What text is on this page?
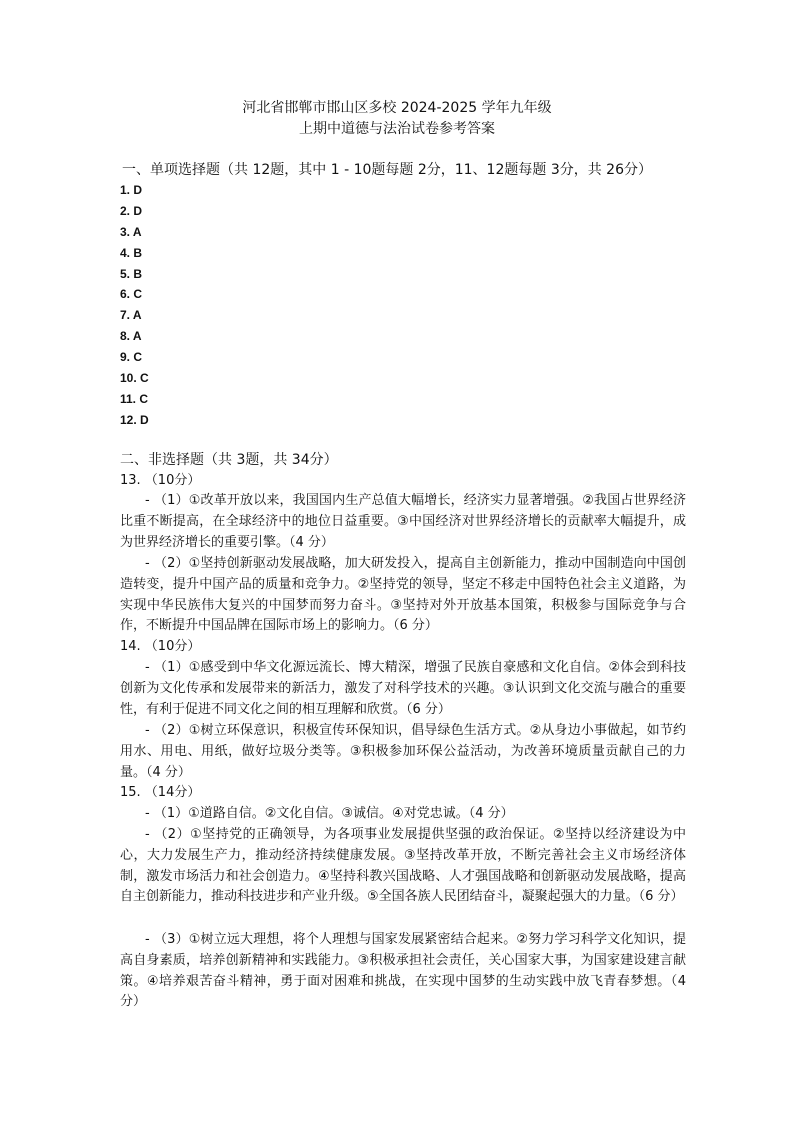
河北省邯郸市邯山区多校 2024-2025 学年九年级
上期中道德与法治试卷参考答案
一、单项选择题（共 12题，其中 1 - 10题每题 2分，11、12题每题 3分，共 26分）
1. D
2. D
3. A
4. B
5. B
6. C
7. A
8. A
9. C
10. C
11. C
12. D
二、非选择题（共 3题，共 34分）
13. （10分）
- （1）①改革开放以来，我国国内生产总值大幅增长，经济实力显著增强。②我国占世界经济比重不断提高，在全球经济中的地位日益重要。③中国经济对世界经济增长的贡献率大幅提升，成为世界经济增长的重要引擎。（4 分）
- （2）①坚持创新驱动发展战略，加大研发投入，提高自主创新能力，推动中国制造向中国创造转变，提升中国产品的质量和竞争力。②坚持党的领导，坚定不移走中国特色社会主义道路，为实现中华民族伟大复兴的中国梦而努力奋斗。③坚持对外开放基本国策，积极参与国际竞争与合作，不断提升中国品牌在国际市场上的影响力。（6 分）
14. （10分）
- （1）①感受到中华文化源远流长、博大精深，增强了民族自豪感和文化自信。②体会到科技创新为文化传承和发展带来的新活力，激发了对科学技术的兴趣。③认识到文化交流与融合的重要性，有利于促进不同文化之间的相互理解和欣赏。（6 分）
- （2）①树立环保意识，积极宣传环保知识，倡导绿色生活方式。②从身边小事做起，如节约用水、用电、用纸，做好垃圾分类等。③积极参加环保公益活动，为改善环境质量贡献自己的力量。（4 分）
15. （14分）
- （1）①道路自信。②文化自信。③诚信。④对党忠诚。（4 分）
- （2）①坚持党的正确领导，为各项事业发展提供坚强的政治保证。②坚持以经济建设为中心，大力发展生产力，推动经济持续健康发展。③坚持改革开放，不断完善社会主义市场经济体制，激发市场活力和社会创造力。④坚持科教兴国战略、人才强国战略和创新驱动发展战略，提高自主创新能力，推动科技进步和产业升级。⑤全国各族人民团结奋斗，凝聚起强大的力量。（6 分）
- （3）①树立远大理想，将个人理想与国家发展紧密结合起来。②努力学习科学文化知识，提高自身素质，培养创新精神和实践能力。③积极承担社会责任，关心国家大事，为国家建设建言献策。④培养艰苦奋斗精神，勇于面对困难和挑战，在实现中国梦的生动实践中放飞青春梦想。（4 分）
